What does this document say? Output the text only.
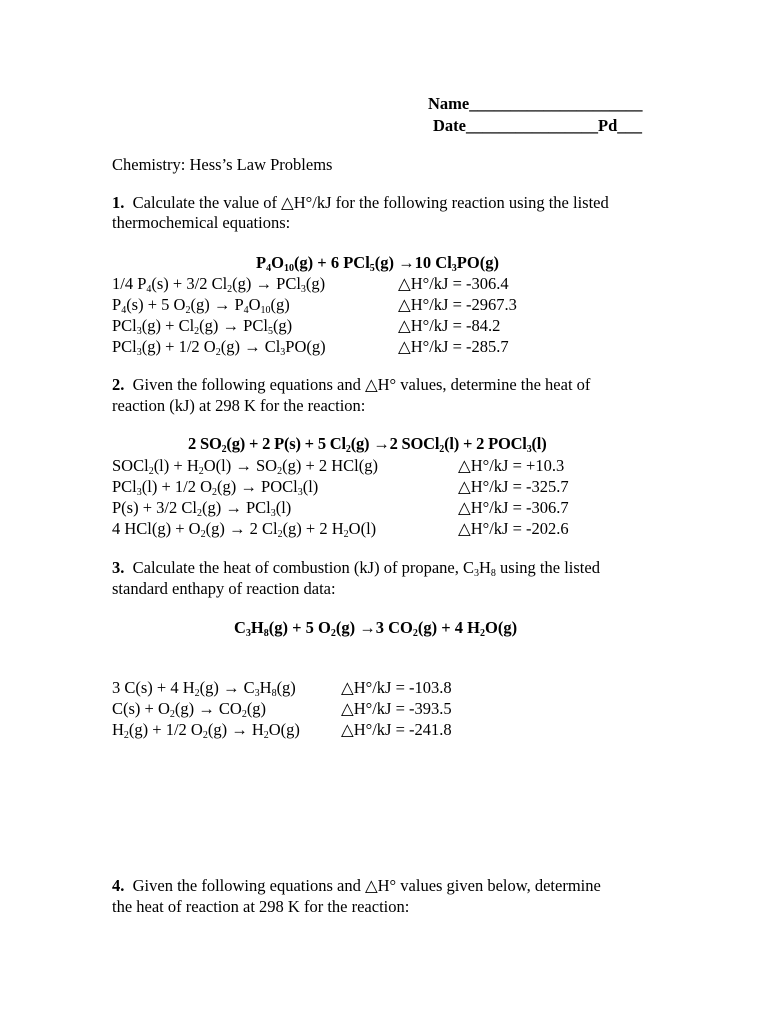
Name_____________________
Date________________Pd___
Chemistry: Hess’s Law Problems
1. Calculate the value of △H°/kJ for the following reaction using the listed
thermochemical equations:
$P_4O_{10}(g) + 6$ PCl$_5$(g) →10 $Cl_3PO(g)$
1/4 $P_4(s) + 3/2$ $Cl_2(g) \to PCl_3(g)$	△H°/kJ = -306.4
$P_4(s) + 5$ $O_2(g) \to P_4O_{10}(g)$	△H°/kJ = -2967.3
$PCl_3(g) + Cl_2(g) \to PCl_5(g)$	△H°/kJ = -84.2
PCl$_3$(g) + 1/2 $O_2(g) \to Cl_3PO(g)$	△H°/kJ = -285.7
2. Given the following equations and △H° values, determine the heat of
reaction (kJ) at 298 K for the reaction:
2 $SO_2(g) + 2$ P(s) + 5 $Cl_2(g) \to 2$ SOCl$_2$(l) + 2 POCl$_3$(l)
SOCl$_2$(l) + $H_2O(l) \to SO_2(g) + 2$ HCl(g)	△H°/kJ = +10.3
PCl$_3$(l) + 1/2 $O_2(g)$ → POCl$_3$(l)	△H°/kJ = -325.7
P(s) + 3/2 $Cl_2(g) \to PCl_3(l)$	△H°/kJ = -306.7
4 $HCl(g) + O_2(g) \to 2$ $Cl_2(g) + 2$ $H_2O(l)$	△H°/kJ = -202.6
3. Calculate the heat of combustion (kJ) of propane, $C_3H_8$ using the listed
standard enthapy of reaction data:
$C_3H_8(g) + 5$ $O_2(g) \to 3$ $CO_2(g) + 4$ $H_2O(g)$
3 C(s) + 4 $H_2(g) \to C_3H_8(g)$	△H°/kJ = -103.8
$C(s) + O_2(g) \to CO_2(g)$	△H°/kJ = -393.5
$H_2(g) + 1/2$ $O_2(g) \to H_2O(g)$ △H°/kJ = -241.8
4. Given the following equations and △H° values given below, determine
the heat of reaction at 298 K for the reaction:
